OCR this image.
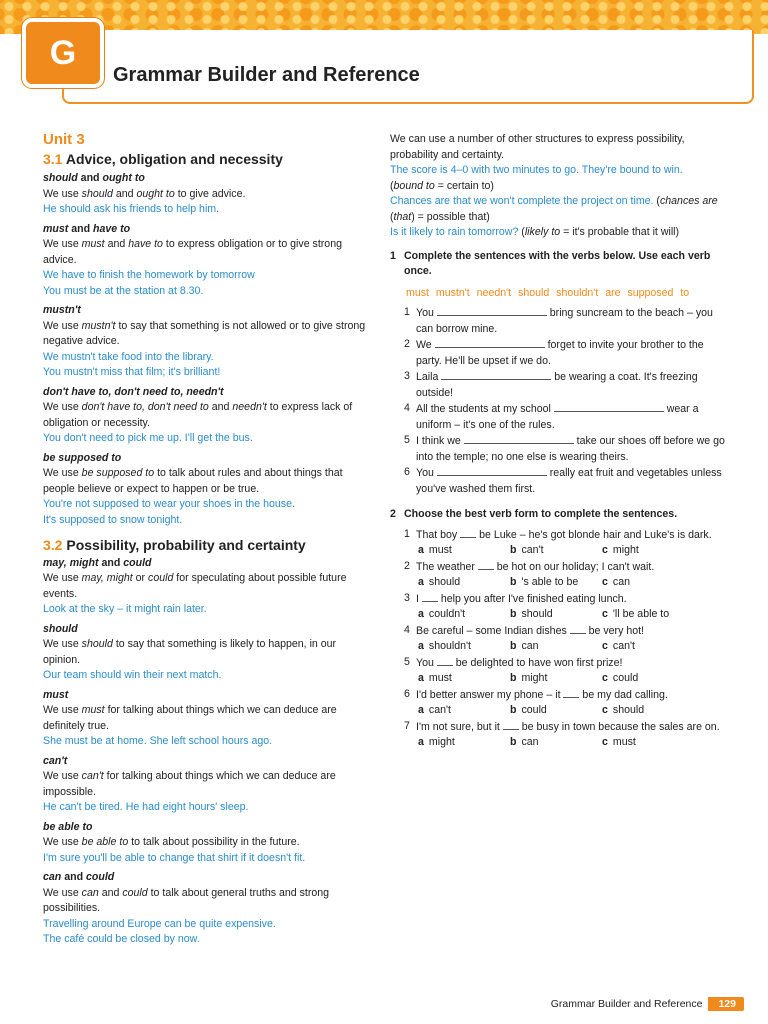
G
Grammar Builder and Reference
Unit 3
3.1 Advice, obligation and necessity
should and ought to

We use should and ought to to give advice.

He should ask his friends to help him.

must and have to

We use must and have to to express obligation or to give strong advice.

We have to finish the homework by tomorrow

You must be at the station at 8.30.

mustn't

We use mustn't to say that something is not allowed or to give strong negative advice.

We mustn't take food into the library.

You mustn't miss that film; it's brilliant!

don't have to, don't need to, needn't

We use don't have to, don't need to and needn't to express lack of obligation or necessity.

You don't need to pick me up. I'll get the bus.

be supposed to

We use be supposed to to talk about rules and about things that people believe or expect to happen or be true.

You're not supposed to wear your shoes in the house.

It's supposed to snow tonight.

3.2 Possibility, probability and certainty
may, might and could

We use may, might or could for speculating about possible future events.

Look at the sky – it might rain later.

should

We use should to say that something is likely to happen, in our opinion.

Our team should win their next match.

must

We use must for talking about things which we can deduce are definitely true.

She must be at home. She left school hours ago.

can't

We use can't for talking about things which we can deduce are impossible.

He can't be tired. He had eight hours' sleep.

be able to

We use be able to to talk about possibility in the future.

I'm sure you'll be able to change that shirt if it doesn't fit.

can and could

We use can and could to talk about general truths and strong possibilities.

Travelling around Europe can be quite expensive.

The café could be closed by now.

We can use a number of other structures to express possibility, probability and certainty.

The score is 4–0 with two minutes to go. They're bound to win.
(bound to = certain to)

Chances are that we won't complete the project on time. (chances are (that) = possible that)

Is it likely to rain tomorrow? (likely to = it's probable that it will)

1 Complete the sentences with the verbs below. Use each verb once.
must mustn't needn't should shouldn't are supposed to
1 You	bring suncream to the beach – you can borrow mine.
2 We	forget to invite your brother to the party. He'll be upset if we do.
3 Laila	be wearing a coat. It's freezing outside!
4 All the students at my school	wear a uniform – it's one of the rules.
5 I think we	take our shoes off before we go into the temple; no one else is wearing theirs.
6 You	really eat fruit and vegetables unless you've washed them first.
2 Choose the best verb form to complete the sentences.
1 That boy  be Luke – he's got blonde hair and Luke's is dark.
a must	b can't	c might
2 The weather  be hot on our holiday; I can't wait.
a should	b 's able to be	c can
3 I  help you after I've finished eating lunch.
a couldn't	b should	c 'll be able to
4 Be careful – some Indian dishes  be very hot!
a shouldn't	b can	c can't
5 You  be delighted to have won first prize!
a must	b might	c could
6 I'd better answer my phone – it  be my dad calling.
a can't	b could	c should
7 I'm not sure, but it  be busy in town because the sales are on.
a might	b can	c must
Grammar Builder and Reference	129
